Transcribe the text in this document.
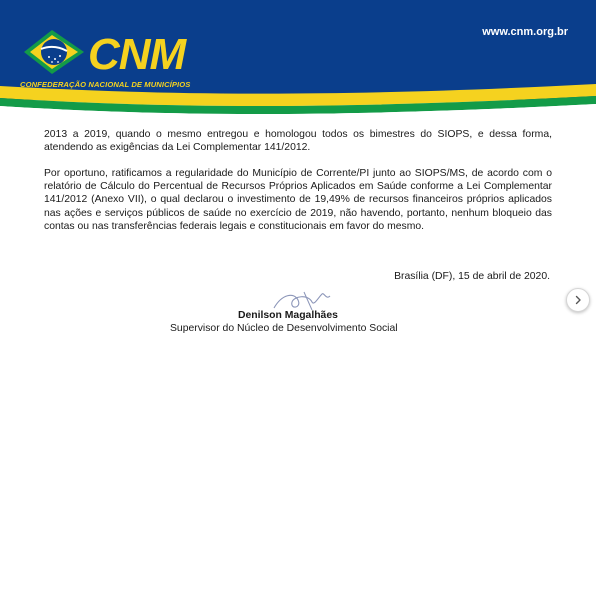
CNM
CONFEDERAÇÃO NACIONAL DE MUNICÍPIOS
www.cnm.org.br
2013 a 2019, quando o mesmo entregou e homologou todos os bimestres do SIOPS, e dessa forma, atendendo as exigências da Lei Complementar 141/2012.
Por oportuno, ratificamos a regularidade do Município de Corrente/PI junto ao SIOPS/MS, de acordo com o relatório de Cálculo do Percentual de Recursos Próprios Aplicados em Saúde conforme a Lei Complementar 141/2012 (Anexo VII), o qual declarou o investimento de 19,49% de recursos financeiros próprios aplicados nas ações e serviços públicos de saúde no exercício de 2019, não havendo, portanto, nenhum bloqueio das contas ou nas transferências federais legais e constitucionais em favor do mesmo.
Brasília (DF), 15 de abril de 2020.
Denilson Magalhães
Supervisor do Núcleo de Desenvolvimento Social
